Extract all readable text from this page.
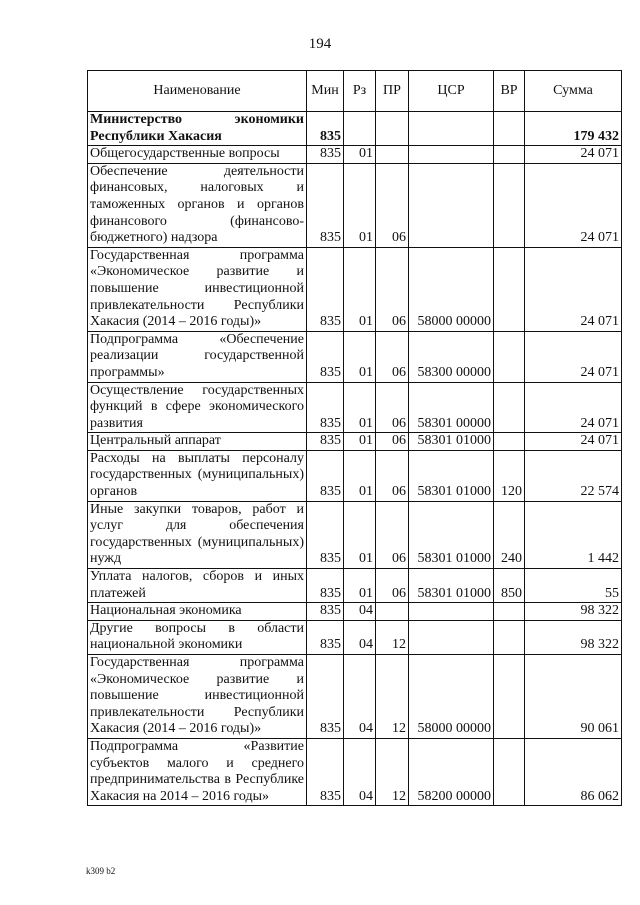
194
Наименование	Мин	Рз	ПР	ЦСР	ВР	Сумма
Министерство экономики Республики Хакасия	835					179 432
Общегосударственные вопросы	835	01				24 071
Обеспечение деятельности финансовых, налоговых и таможенных органов и органов финансового (финансово-бюджетного) надзора	835	01	06			24 071
Государственная программа «Экономическое развитие и повышение инвестиционной привлекательности Республики Хакасия (2014 – 2016 годы)»	835	01	06	58000 00000		24 071
Подпрограмма «Обеспечение реализации государственной программы»	835	01	06	58300 00000		24 071
Осуществление государственных функций в сфере экономического развития	835	01	06	58301 00000		24 071
Центральный аппарат	835	01	06	58301 01000		24 071
Расходы на выплаты персоналу государственных (муниципальных) органов	835	01	06	58301 01000	120	22 574
Иные закупки товаров, работ и услуг для обеспечения государственных (муниципальных) нужд	835	01	06	58301 01000	240	1 442
Уплата налогов, сборов и иных платежей	835	01	06	58301 01000	850	55
Национальная экономика	835	04				98 322
Другие вопросы в области национальной экономики	835	04	12			98 322
Государственная программа «Экономическое развитие и повышение инвестиционной привлекательности Республики Хакасия (2014 – 2016 годы)»	835	04	12	58000 00000		90 061
Подпрограмма «Развитие субъектов малого и среднего предпринимательства в Республике Хакасия на 2014 – 2016 годы»	835	04	12	58200 00000		86 062
k309 b2
